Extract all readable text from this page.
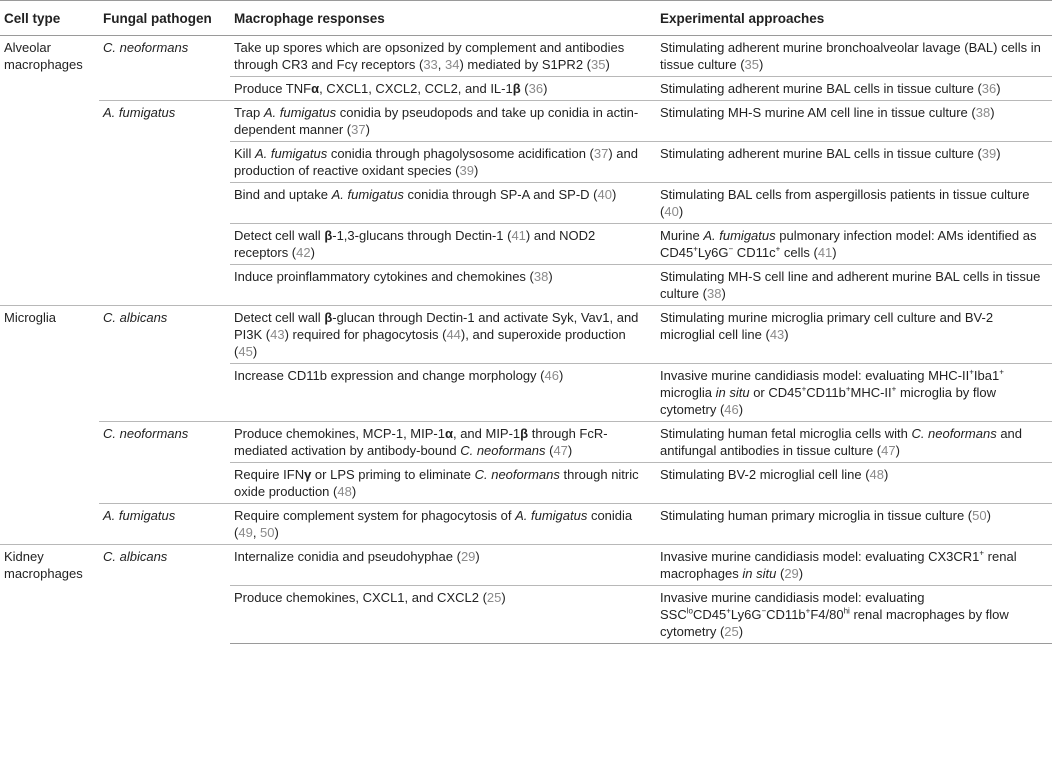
Cell type	Fungal pathogen	Macrophage responses	Experimental approaches
Alveolar macrophages	C. neoformans	Take up spores which are opsonized by complement and antibodies through CR3 and Fcγ receptors (33, 34) mediated by S1PR2 (35)	Stimulating adherent murine bronchoalveolar lavage (BAL) cells in tissue culture (35)
		Produce TNFα, CXCL1, CXCL2, CCL2, and IL-1β (36)	Stimulating adherent murine BAL cells in tissue culture (36)
	A. fumigatus	Trap A. fumigatus conidia by pseudopods and take up conidia in actin-dependent manner (37)	Stimulating MH-S murine AM cell line in tissue culture (38)
		Kill A. fumigatus conidia through phagolysosome acidification (37) and production of reactive oxidant species (39)	Stimulating adherent murine BAL cells in tissue culture (39)
		Bind and uptake A. fumigatus conidia through SP-A and SP-D (40)	Stimulating BAL cells from aspergillosis patients in tissue culture (40)
		Detect cell wall β-1,3-glucans through Dectin-1 (41) and NOD2 receptors (42)	Murine A. fumigatus pulmonary infection model: AMs identified as CD45+Ly6G− CD11c+ cells (41)
		Induce proinflammatory cytokines and chemokines (38)	Stimulating MH-S cell line and adherent murine BAL cells in tissue culture (38)
Microglia	C. albicans	Detect cell wall β-glucan through Dectin-1 and activate Syk, Vav1, and PI3K (43) required for phagocytosis (44), and superoxide production (45)	Stimulating murine microglia primary cell culture and BV-2 microglial cell line (43)
		Increase CD11b expression and change morphology (46)	Invasive murine candidiasis model: evaluating MHC-II+Iba1+ microglia in situ or CD45+CD11b+MHC-II+ microglia by flow cytometry (46)
	C. neoformans	Produce chemokines, MCP-1, MIP-1α, and MIP-1β through FcR-mediated activation by antibody-bound C. neoformans (47)	Stimulating human fetal microglia cells with C. neoformans and antifungal antibodies in tissue culture (47)
		Require IFNγ or LPS priming to eliminate C. neoformans through nitric oxide production (48)	Stimulating BV-2 microglial cell line (48)
	A. fumigatus	Require complement system for phagocytosis of A. fumigatus conidia (49, 50)	Stimulating human primary microglia in tissue culture (50)
Kidney macrophages	C. albicans	Internalize conidia and pseudohyphae (29)	Invasive murine candidiasis model: evaluating CX3CR1+ renal macrophages in situ (29)
		Produce chemokines, CXCL1, and CXCL2 (25)	Invasive murine candidiasis model: evaluating $SSC^{lo}CD45^+Ly6G^-CD11b^+F4/80^{hi}$ renal macrophages by flow cytometry (25)
